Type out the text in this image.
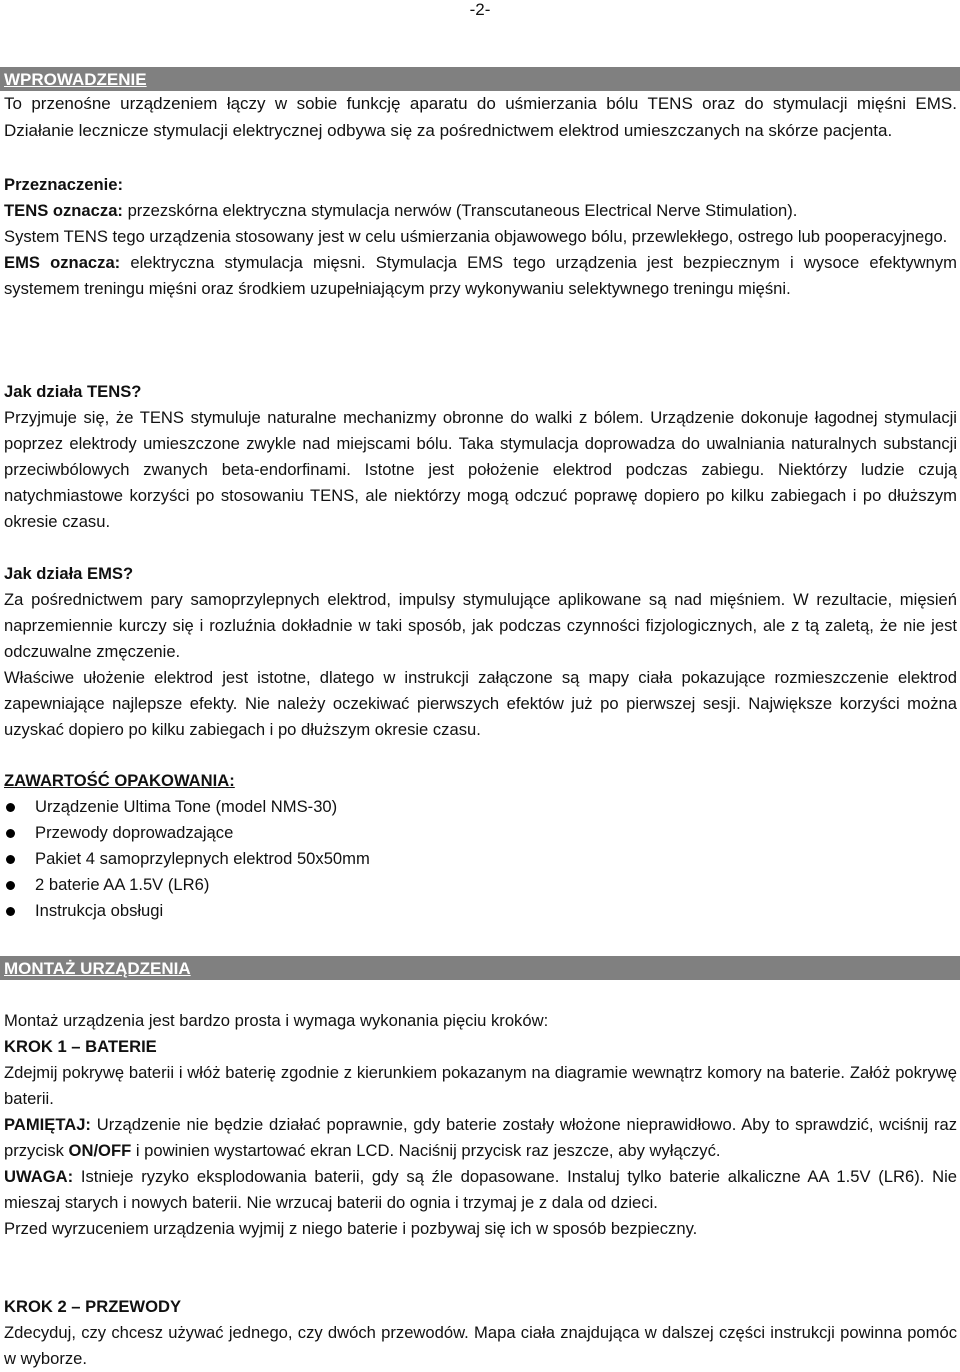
-2-
WPROWADZENIE
To przenośne urządzeniem łączy w sobie funkcję aparatu do uśmierzania bólu TENS oraz do stymulacji mięśni EMS. Działanie lecznicze stymulacji elektrycznej odbywa się za pośrednictwem elektrod umieszczanych na skórze pacjenta.

Przeznaczenie:

TENS oznacza: przezskórna elektryczna stymulacja nerwów (Transcutaneous Electrical Nerve Stimulation).

System TENS tego urządzenia stosowany jest w celu uśmierzania objawowego bólu, przewlekłego, ostrego lub pooperacyjnego.

EMS oznacza: elektryczna stymulacja mięsni. Stymulacja EMS tego urządzenia jest bezpiecznym i wysoce efektywnym systemem treningu mięśni oraz środkiem uzupełniającym przy wykonywaniu selektywnego treningu mięśni.

Jak działa TENS?

Przyjmuje się, że TENS stymuluje naturalne mechanizmy obronne do walki z bólem. Urządzenie dokonuje łagodnej stymulacji poprzez elektrody umieszczone zwykle nad miejscami bólu. Taka stymulacja doprowadza do uwalniania naturalnych substancji przeciwbólowych zwanych beta-endorfinami. Istotne jest położenie elektrod podczas zabiegu. Niektórzy ludzie czują natychmiastowe korzyści po stosowaniu TENS, ale niektórzy mogą odczuć poprawę dopiero po kilku zabiegach i po dłuższym okresie czasu.

Jak działa EMS?

Za pośrednictwem pary samoprzylepnych elektrod, impulsy stymulujące aplikowane są nad mięśniem. W rezultacie, mięsień naprzemiennie kurczy się i rozluźnia dokładnie w taki sposób, jak podczas czynności fizjologicznych, ale z tą zaletą, że nie jest odczuwalne zmęczenie.

Właściwe ułożenie elektrod jest istotne, dlatego w instrukcji załączone są mapy ciała pokazujące rozmieszczenie elektrod zapewniające najlepsze efekty. Nie należy oczekiwać pierwszych efektów już po pierwszej sesji. Największe korzyści można uzyskać dopiero po kilku zabiegach i po dłuższym okresie czasu.

ZAWARTOŚĆ OPAKOWANIA:

Urządzenie Ultima Tone (model NMS-30)
Przewody doprowadzające
Pakiet 4 samoprzylepnych elektrod 50x50mm
2 baterie AA 1.5V (LR6)
Instrukcja obsługi
MONTAŻ URZĄDZENIA

Montaż urządzenia jest bardzo prosta i wymaga wykonania pięciu kroków:

KROK 1 – BATERIE

Zdejmij pokrywę baterii i włóż baterię zgodnie z kierunkiem pokazanym na diagramie wewnątrz komory na baterie. Załóż pokrywę baterii.

PAMIĘTAJ: Urządzenie nie będzie działać poprawnie, gdy baterie zostały włożone nieprawidłowo. Aby to sprawdzić, wciśnij raz przycisk ON/OFF i powinien wystartować ekran LCD. Naciśnij przycisk raz jeszcze, aby wyłączyć.

UWAGA: Istnieje ryzyko eksplodowania baterii, gdy są źle dopasowane. Instaluj tylko baterie alkaliczne AA 1.5V (LR6). Nie mieszaj starych i nowych baterii. Nie wrzucaj baterii do ognia i trzymaj je z dala od dzieci.

Przed wyrzuceniem urządzenia wyjmij z niego baterie i pozbywaj się ich w sposób bezpieczny.

KROK 2 – PRZEWODY

Zdecyduj, czy chcesz używać jednego, czy dwóch przewodów. Mapa ciała znajdująca w dalszej części instrukcji powinna pomóc w wyborze.
